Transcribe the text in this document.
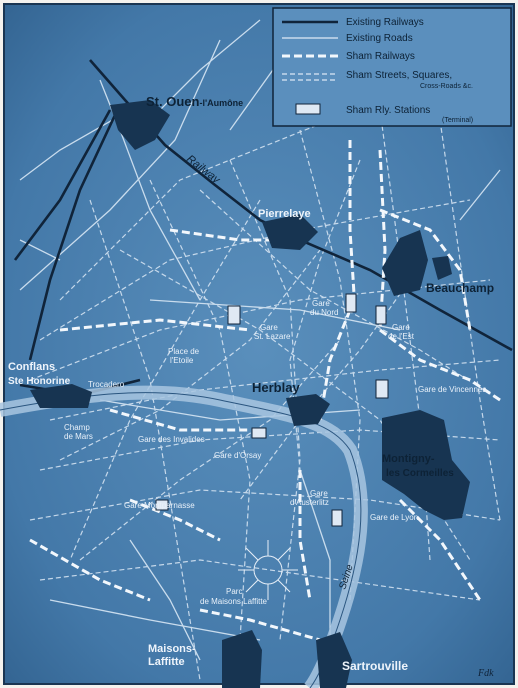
Railway
Seine
St. Ouen-l'Aumône
Pierrelaye
Beauchamp
Conflans
Ste Honorine	Herblay
Montigny-
les Cormeilles
Maisons-
Laffitte	Sartrouville
Gare
du Nord
Gare
de l'Est
Gare
St. Lazare
Place de
l'Etoile
Trocadero
Champ
de Mars	Gare des Invalides
Gare d'Orsay
Gare de Vincennes
Gare
d'Austerlitz
Gare de Lyon
Gare Montparnasse
Parc
de Maisons Laffitte
Existing Railways
Existing Roads
Sham Railways
Sham Streets, Squares,
Cross-Roads &c.
Sham Rly. Stations
(Terminal)
Fdk
